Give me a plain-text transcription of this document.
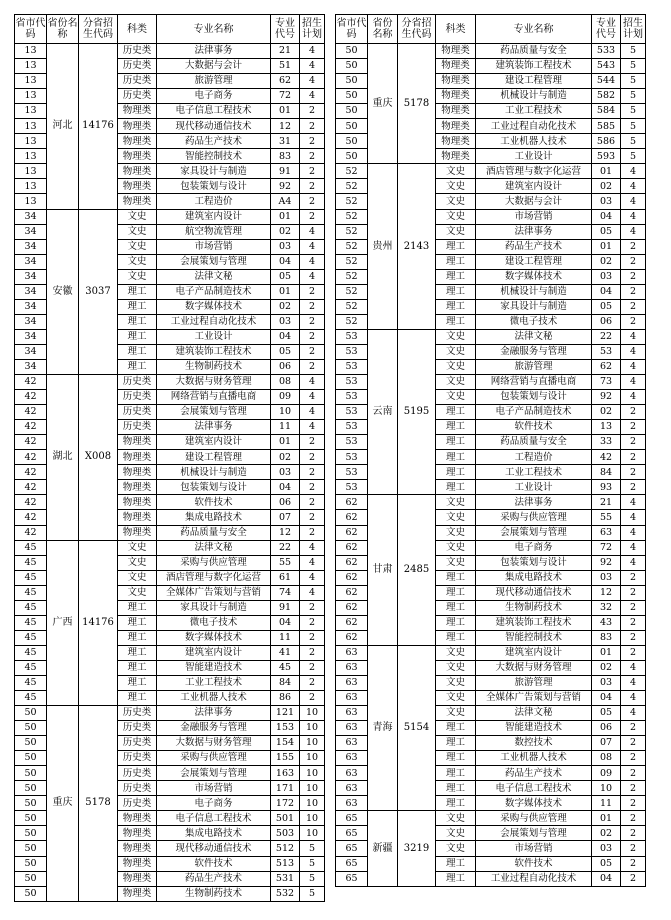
省市代码	省份名称	分省招生代码	科类	专业名称	专业代号	招生计划
13	河北	14176	历史类	法律事务	21	4
13			历史类	大数据与会计	51	4
13			历史类	旅游管理	62	4
13			历史类	电子商务	72	4
13			物理类	电子信息工程技术	01	2
13			物理类	现代移动通信技术	12	2
13			物理类	药品生产技术	31	2
13			物理类	智能控制技术	83	2
13			物理类	家具设计与制造	91	2
13			物理类	包装策划与设计	92	2
13			物理类	工程造价	A4	2
34	安徽	3037	文史	建筑室内设计	01	2
34			文史	航空物流管理	02	4
34			文史	市场营销	03	4
34			文史	会展策划与管理	04	4
34			文史	法律文秘	05	4
34			理工	电子产品制造技术	01	2
34			理工	数字媒体技术	02	2
34			理工	工业过程自动化技术	03	2
34			理工	工业设计	04	2
34			理工	建筑装饰工程技术	05	2
34			理工	生物制药技术	06	2
42	湖北	X008	历史类	大数据与财务管理	08	4
42			历史类	网络营销与直播电商	09	4
42			历史类	会展策划与管理	10	4
42			历史类	法律事务	11	4
42			物理类	建筑室内设计	01	2
42			物理类	建设工程管理	02	2
42			物理类	机械设计与制造	03	2
42			物理类	包装策划与设计	04	2
42			物理类	软件技术	06	2
42			物理类	集成电路技术	07	2
42			物理类	药品质量与安全	12	2
45	广西	14176	文史	法律文秘	22	4
45			文史	采购与供应管理	55	4
45			文史	酒店管理与数字化运营	61	4
45			文史	全媒体广告策划与营销	74	4
45			理工	家具设计与制造	91	2
45			理工	微电子技术	04	2
45			理工	数字媒体技术	11	2
45			理工	建筑室内设计	41	2
45			理工	智能建造技术	45	2
45			理工	工业工程技术	84	2
45			理工	工业机器人技术	86	2
50	重庆	5178	历史类	法律事务	121	10
50			历史类	金融服务与管理	153	10
50			历史类	大数据与财务管理	154	10
50			历史类	采购与供应管理	155	10
50			历史类	会展策划与管理	163	10
50			历史类	市场营销	171	10
50			历史类	电子商务	172	10
50			物理类	电子信息工程技术	501	10
50			物理类	集成电路技术	503	10
50			物理类	现代移动通信技术	512	5
50			物理类	软件技术	513	5
50			物理类	药品生产技术	531	5
50			物理类	生物制药技术	532	5
省市代码	省份名称	分省招生代码	科类	专业名称	专业代号	招生计划
50	重庆	5178	物理类	药品质量与安全	533	5
50			物理类	建筑装饰工程技术	543	5
50			物理类	建设工程管理	544	5
50			物理类	机械设计与制造	582	5
50			物理类	工业工程技术	584	5
50			物理类	工业过程自动化技术	585	5
50			物理类	工业机器人技术	586	5
50			物理类	工业设计	593	5
52	贵州	2143	文史	酒店管理与数字化运营	01	4
52			文史	建筑室内设计	02	4
52			文史	大数据与会计	03	4
52			文史	市场营销	04	4
52			文史	法律事务	05	4
52			理工	药品生产技术	01	2
52			理工	建设工程管理	02	2
52			理工	数字媒体技术	03	2
52			理工	机械设计与制造	04	2
52			理工	家具设计与制造	05	2
52			理工	微电子技术	06	2
53	云南	5195	文史	法律文秘	22	4
53			文史	金融服务与管理	53	4
53			文史	旅游管理	62	4
53			文史	网络营销与直播电商	73	4
53			文史	包装策划与设计	92	4
53			理工	电子产品制造技术	02	2
53			理工	软件技术	13	2
53			理工	药品质量与安全	33	2
53			理工	工程造价	42	2
53			理工	工业工程技术	84	2
53			理工	工业设计	93	2
62	甘肃	2485	文史	法律事务	21	4
62			文史	采购与供应管理	55	4
62			文史	会展策划与管理	63	4
62			文史	电子商务	72	4
62			文史	包装策划与设计	92	4
62			理工	集成电路技术	03	2
62			理工	现代移动通信技术	12	2
62			理工	生物制药技术	32	2
62			理工	建筑装饰工程技术	43	2
62			理工	智能控制技术	83	2
63	青海	5154	文史	建筑室内设计	01	2
63			文史	大数据与财务管理	02	4
63			文史	旅游管理	03	4
63			文史	全媒体广告策划与营销	04	4
63			文史	法律文秘	05	4
63			理工	智能建造技术	06	2
63			理工	数控技术	07	2
63			理工	工业机器人技术	08	2
63			理工	药品生产技术	09	2
63			理工	电子信息工程技术	10	2
63			理工	数字媒体技术	11	2
65	新疆	3219	文史	采购与供应管理	01	2
65			文史	会展策划与管理	02	2
65			文史	市场营销	03	2
65			理工	软件技术	05	2
65			理工	工业过程自动化技术	04	2
